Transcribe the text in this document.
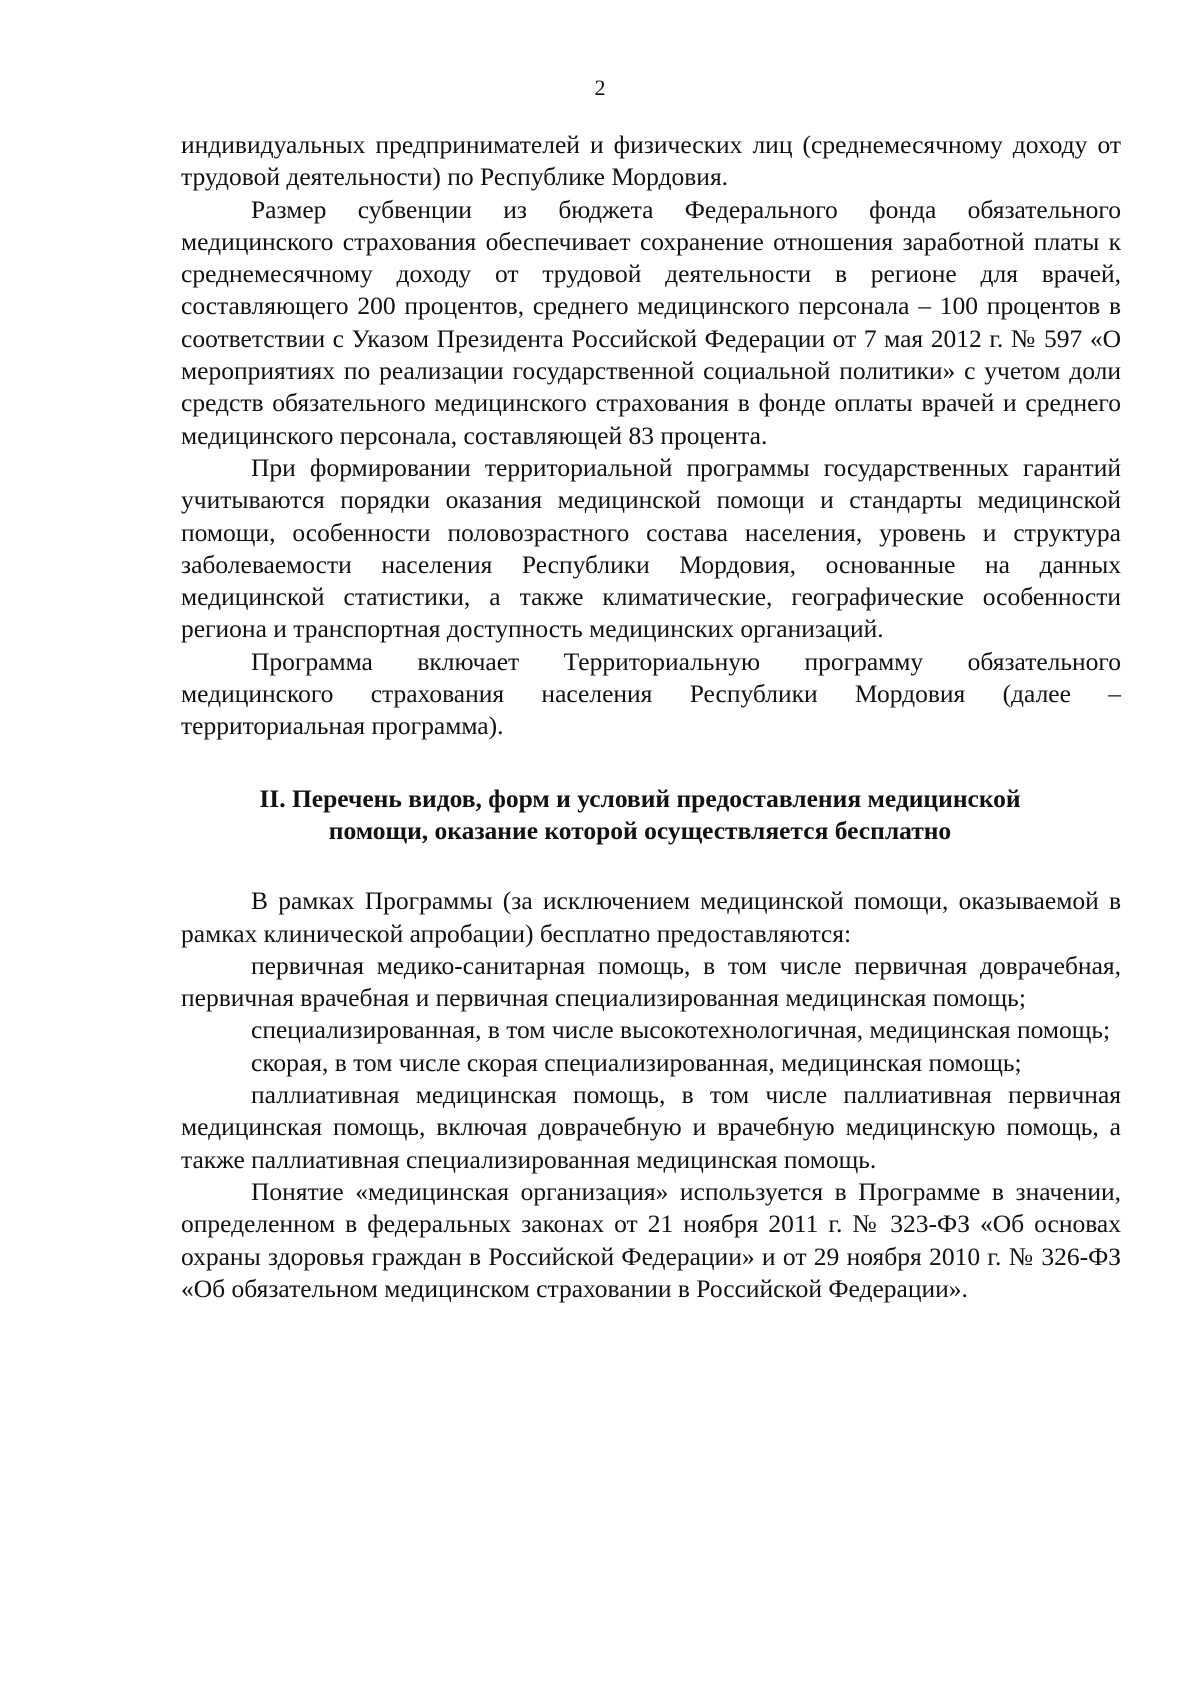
2

индивидуальных предпринимателей и физических лиц (среднемесячному доходу от трудовой деятельности) по Республике Мордовия.

Размер субвенции из бюджета Федерального фонда обязательного медицинского страхования обеспечивает сохранение отношения заработной платы к среднемесячному доходу от трудовой деятельности в регионе для врачей, составляющего 200 процентов, среднего медицинского персонала – 100 процентов в соответствии с Указом Президента Российской Федерации от 7 мая 2012 г. № 597 «О мероприятиях по реализации государственной социальной политики» с учетом доли средств обязательного медицинского страхования в фонде оплаты врачей и среднего медицинского персонала, составляющей 83 процента.

При формировании территориальной программы государственных гарантий учитываются порядки оказания медицинской помощи и стандарты медицинской помощи, особенности половозрастного состава населения, уровень и структура заболеваемости населения Республики Мордовия, основанные на данных медицинской статистики, а также климатические, географические особенности региона и транспортная доступность медицинских организаций.

Программа включает Территориальную программу обязательного медицинского страхования населения Республики Мордовия (далее – территориальная программа).

II. Перечень видов, форм и условий предоставления медицинской
помощи, оказание которой осуществляется бесплатно

В рамках Программы (за исключением медицинской помощи, оказываемой в рамках клинической апробации) бесплатно предоставляются:

первичная медико-санитарная помощь, в том числе первичная доврачебная, первичная врачебная и первичная специализированная медицинская помощь;

специализированная, в том числе высокотехнологичная, медицинская помощь;

скорая, в том числе скорая специализированная, медицинская помощь;

паллиативная медицинская помощь, в том числе паллиативная первичная медицинская помощь, включая доврачебную и врачебную медицинскую помощь, а также паллиативная специализированная медицинская помощь.

Понятие «медицинская организация» используется в Программе в значении, определенном в федеральных законах от 21 ноября 2011 г. № 323-ФЗ «Об основах охраны здоровья граждан в Российской Федерации» и от 29 ноября 2010 г. № 326-ФЗ «Об обязательном медицинском страховании в Российской Федерации».
